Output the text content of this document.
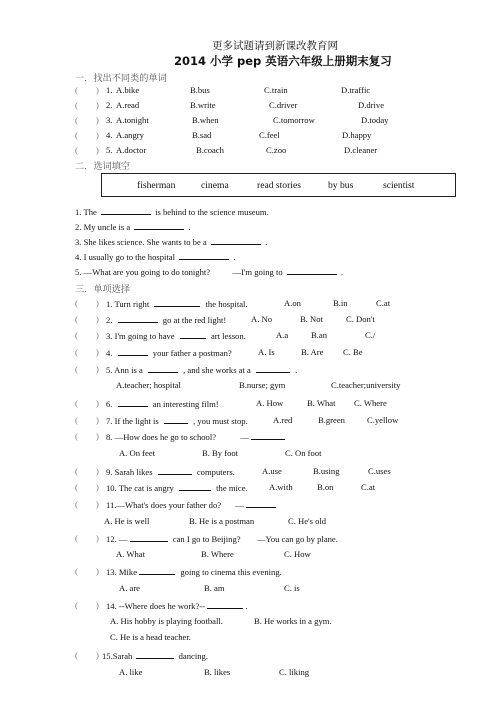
更多试题请到新课改教育网
2014 小学 pep 英语六年级上册期末复习
一．找出不同类的单词
( ) 1. A.bike	B.bus	C.train	D.traffic
( ) 2. A.read	B.write	C.driver	D.drive
( ) 3. A.tonight	B.when	C.tomorrow	D.today
( ) 4. A.angry	B.sad	C.feel	D.happy
( ) 5. A.doctor	B.coach	C.zoo	D.cleaner
二．选词填空
fisherman	cinema	read stories	by bus	scientist
1. The	is behind to the science museum.
2. My uncle is a	.
3. She likes science. She wants to be a	.
4. I usually go to the hospital	.
5. —What are you going to do tonight?	—I'm going to	.
三．单项选择
( ) 1. Turn right	the hospital.	A.on	B.in	C.at
( ) 2.	go at the red light!	A. No	B. Not	C. Don't
( ) 3. I'm going to have	art lesson.	A.a	B.an	C./
( ) 4.	your father a postman?	A. Is	B. Are C. Be
( ) 5. Ann is a	, and she works at a	.
A.teacher; hospital	B.nurse; gym	C.teacher;university
( ) 6.	an interesting film!	A. How	B. What C. Where
( ) 7. If the light is	, you must stop.	A.red	B.green	C.yellow
( ) 8. —How does he go to school?	—
A. On feet	B. By foot	C. On foot
( ) 9. Sarah likes	computers.	A.use	B.using	C.uses
( ) 10. The cat is angry	the mice. A.with	B.on	C.at
( ) 11.—What's does your father do? —
A. He is well	B. He is a postman	C. He's old
( ) 12. —	can I go to Beijing? —You can go by plane.
A. What	B. Where	C. How
( ) 13. Mike	going to cinema this evening.
A. are	B. am	C. is
( ) 14. --Where does he work?--	.
A. His hobby is playing football.	B. He works in a gym.
C. He is a head teacher.
( ) 15.Sarah	dancing.
A. like	B. likes	C. liking
